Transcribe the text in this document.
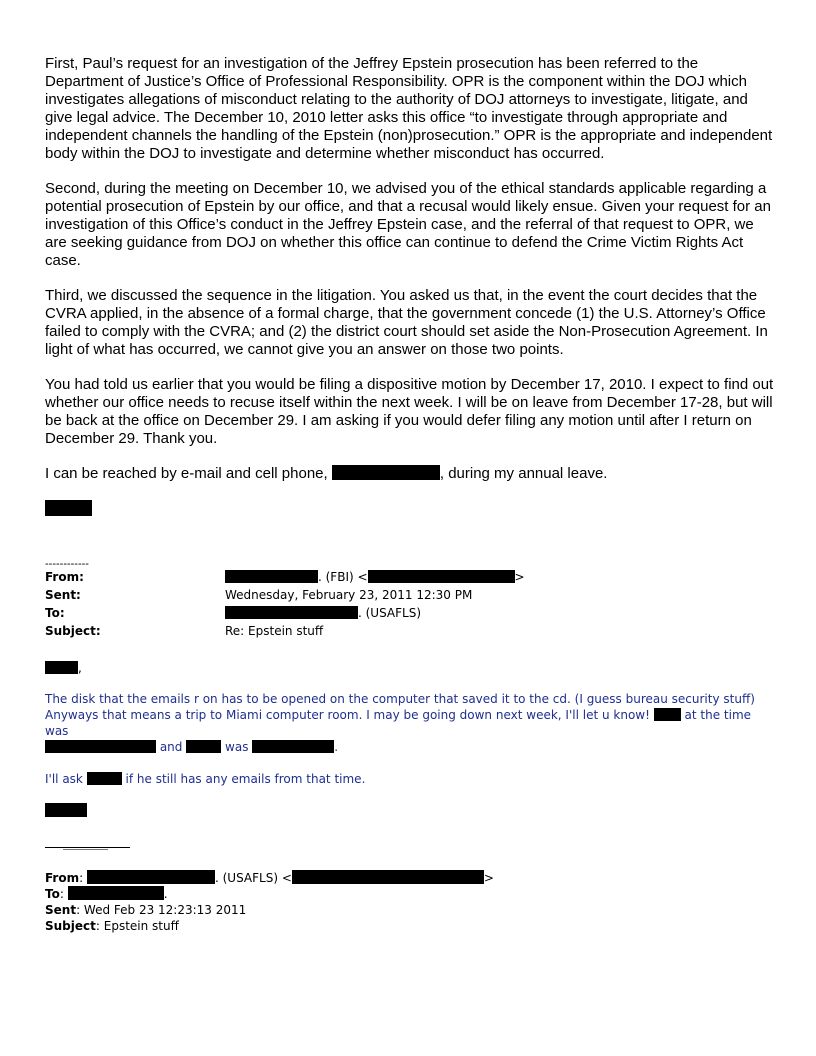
First, Paul’s request for an investigation of the Jeffrey Epstein prosecution has been referred to the Department of Justice’s Office of Professional Responsibility. OPR is the component within the DOJ which investigates allegations of misconduct relating to the authority of DOJ attorneys to investigate, litigate, and give legal advice. The December 10, 2010 letter asks this office “to investigate through appropriate and independent channels the handling of the Epstein (non)prosecution.” OPR is the appropriate and independent body within the DOJ to investigate and determine whether misconduct has occurred.

Second, during the meeting on December 10, we advised you of the ethical standards applicable regarding a potential prosecution of Epstein by our office, and that a recusal would likely ensue. Given your request for an investigation of this Office’s conduct in the Jeffrey Epstein case, and the referral of that request to OPR, we are seeking guidance from DOJ on whether this office can continue to defend the Crime Victim Rights Act case.

Third, we discussed the sequence in the litigation. You asked us that, in the event the court decides that the CVRA applied, in the absence of a formal charge, that the government concede (1) the U.S. Attorney’s Office failed to comply with the CVRA; and (2) the district court should set aside the Non-Prosecution Agreement. In light of what has occurred, we cannot give you an answer on those two points.

You had told us earlier that you would be filing a dispositive motion by December 17, 2010. I expect to find out whether our office needs to recuse itself within the next week. I will be on leave from December 17-28, but will be back at the office on December 29. I am asking if you would defer filing any motion until after I return on December 29. Thank you.

I can be reached by e-mail and cell phone,	, during my annual leave.

------------
From:	. (FBI) <	>
Sent:	Wednesday, February 23, 2011 12:30 PM
To:	. (USAFLS)
Subject:	Re: Epstein stuff
,

The disk that the emails r on has to be opened on the computer that saved it to the cd. (I guess bureau security stuff) Anyways that means a trip to Miami computer room. I may be going down next week, I'll let u know!  at the time was
and	was	.

I'll ask	if he still has any emails from that time.

From:	. (USAFLS) <	>
To:	.
Sent: Wed Feb 23 12:23:13 2011
Subject: Epstein stuff
